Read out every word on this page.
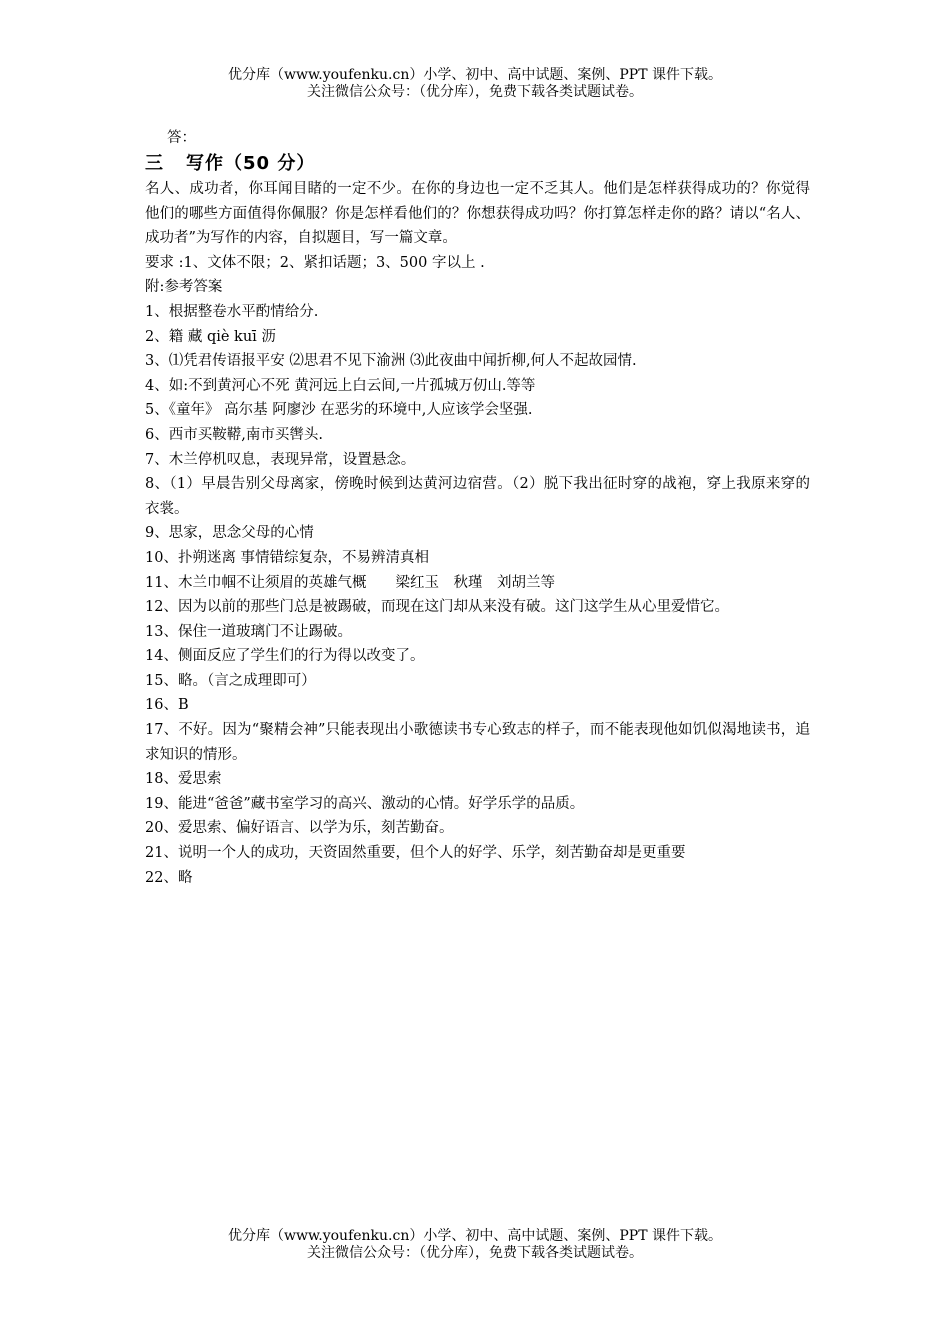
优分库（www.youfenku.cn）小学、初中、高中试题、案例、PPT 课件下载。
关注微信公众号：（优分库），免费下载各类试题试卷。
答：
三 写作（50 分）
名人、成功者，你耳闻目睹的一定不少。在你的身边也一定不乏其人。他们是怎样获得成功的？你觉得他们的哪些方面值得你佩服？你是怎样看他们的？你想获得成功吗？你打算怎样走你的路？请以“名人、成功者”为写作的内容，自拟题目，写一篇文章。
要求 :1、文体不限；2、紧扣话题；3、500 字以上 .
附:参考答案
1、根据整卷水平酌情给分.
2、籍 藏 qiè kuī 沥
3、⑴凭君传语报平安 ⑵思君不见下渝洲 ⑶此夜曲中闻折柳,何人不起故园情.
4、如:不到黄河心不死 黄河远上白云间,一片孤城万仞山.等等
5、《童年》 高尔基 阿廖沙 在恶劣的环境中,人应该学会坚强.
6、西市买鞍鞯,南市买辔头.
7、木兰停机叹息，表现异常，设置悬念。
8、（1）早晨告别父母离家，傍晚时候到达黄河边宿营。（2）脱下我出征时穿的战袍，穿上我原来穿的衣裳。
9、思家，思念父母的心情
10、扑朔迷离 事情错综复杂，不易辨清真相
11、木兰巾帼不让须眉的英雄气概　　梁红玉　秋瑾　刘胡兰等
12、因为以前的那些门总是被踢破，而现在这门却从来没有破。这门这学生从心里爱惜它。
13、保住一道玻璃门不让踢破。
14、侧面反应了学生们的行为得以改变了。
15、略。（言之成理即可）
16、B
17、不好。因为“聚精会神”只能表现出小歌德读书专心致志的样子，而不能表现他如饥似渴地读书，追求知识的情形。
18、爱思索
19、能进“爸爸”藏书室学习的高兴、激动的心情。好学乐学的品质。
20、爱思索、偏好语言、以学为乐，刻苦勤奋。
21、说明一个人的成功，天资固然重要，但个人的好学、乐学，刻苦勤奋却是更重要
22、略
优分库（www.youfenku.cn）小学、初中、高中试题、案例、PPT 课件下载。
关注微信公众号：（优分库），免费下载各类试题试卷。
